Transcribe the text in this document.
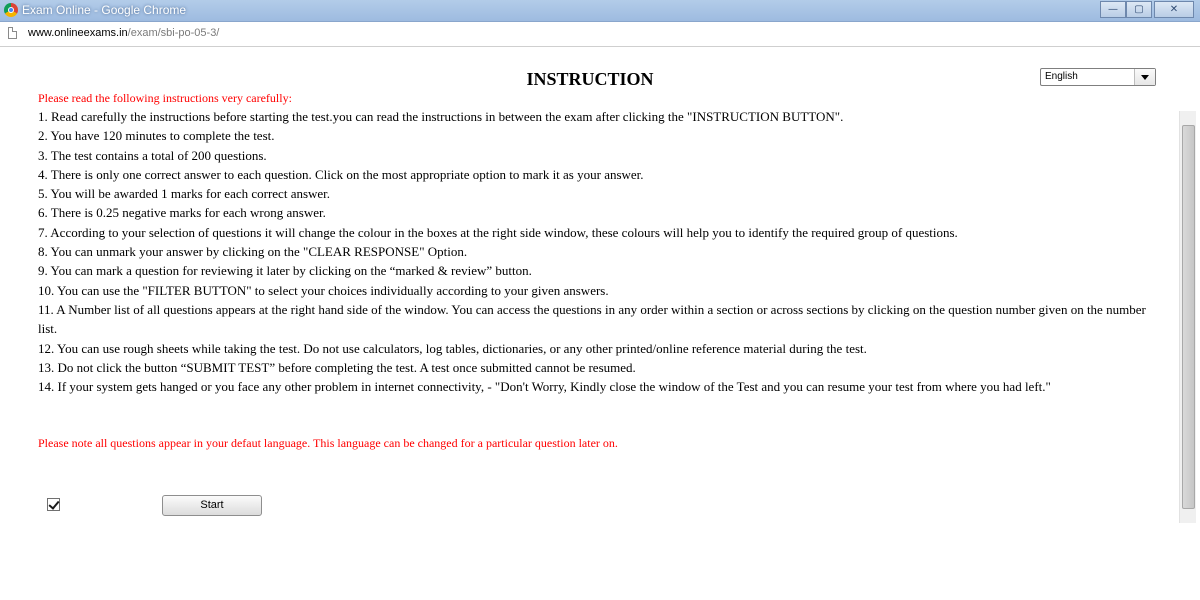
Exam Online - Google Chrome	—	▢	✕
www.onlineexams.in/exam/sbi-po-05-3/
INSTRUCTION	English
Please read the following instructions very carefully:
1. Read carefully the instructions before starting the test.you can read the instructions in between the exam after clicking the "INSTRUCTION BUTTON".
2. You have 120 minutes to complete the test.
3. The test contains a total of 200 questions.
4. There is only one correct answer to each question. Click on the most appropriate option to mark it as your answer.
5. You will be awarded 1 marks for each correct answer.
6. There is 0.25 negative marks for each wrong answer.
7. According to your selection of questions it will change the colour in the boxes at the right side window, these colours will help you to identify the required group of questions.
8. You can unmark your answer by clicking on the "CLEAR RESPONSE" Option.
9. You can mark a question for reviewing it later by clicking on the “marked & review” button.
10. You can use the "FILTER BUTTON" to select your choices individually according to your given answers.
11. A Number list of all questions appears at the right hand side of the window. You can access the questions in any order within a section or across sections by clicking on the question number given on the number list.
12. You can use rough sheets while taking the test. Do not use calculators, log tables, dictionaries, or any other printed/online reference material during the test.
13. Do not click the button “SUBMIT TEST” before completing the test. A test once submitted cannot be resumed.
14. If your system gets hanged or you face any other problem in internet connectivity, - "Don't Worry, Kindly close the window of the Test and you can resume your test from where you had left."
Please note all questions appear in your defaut language. This language can be changed for a particular question later on.
Start
